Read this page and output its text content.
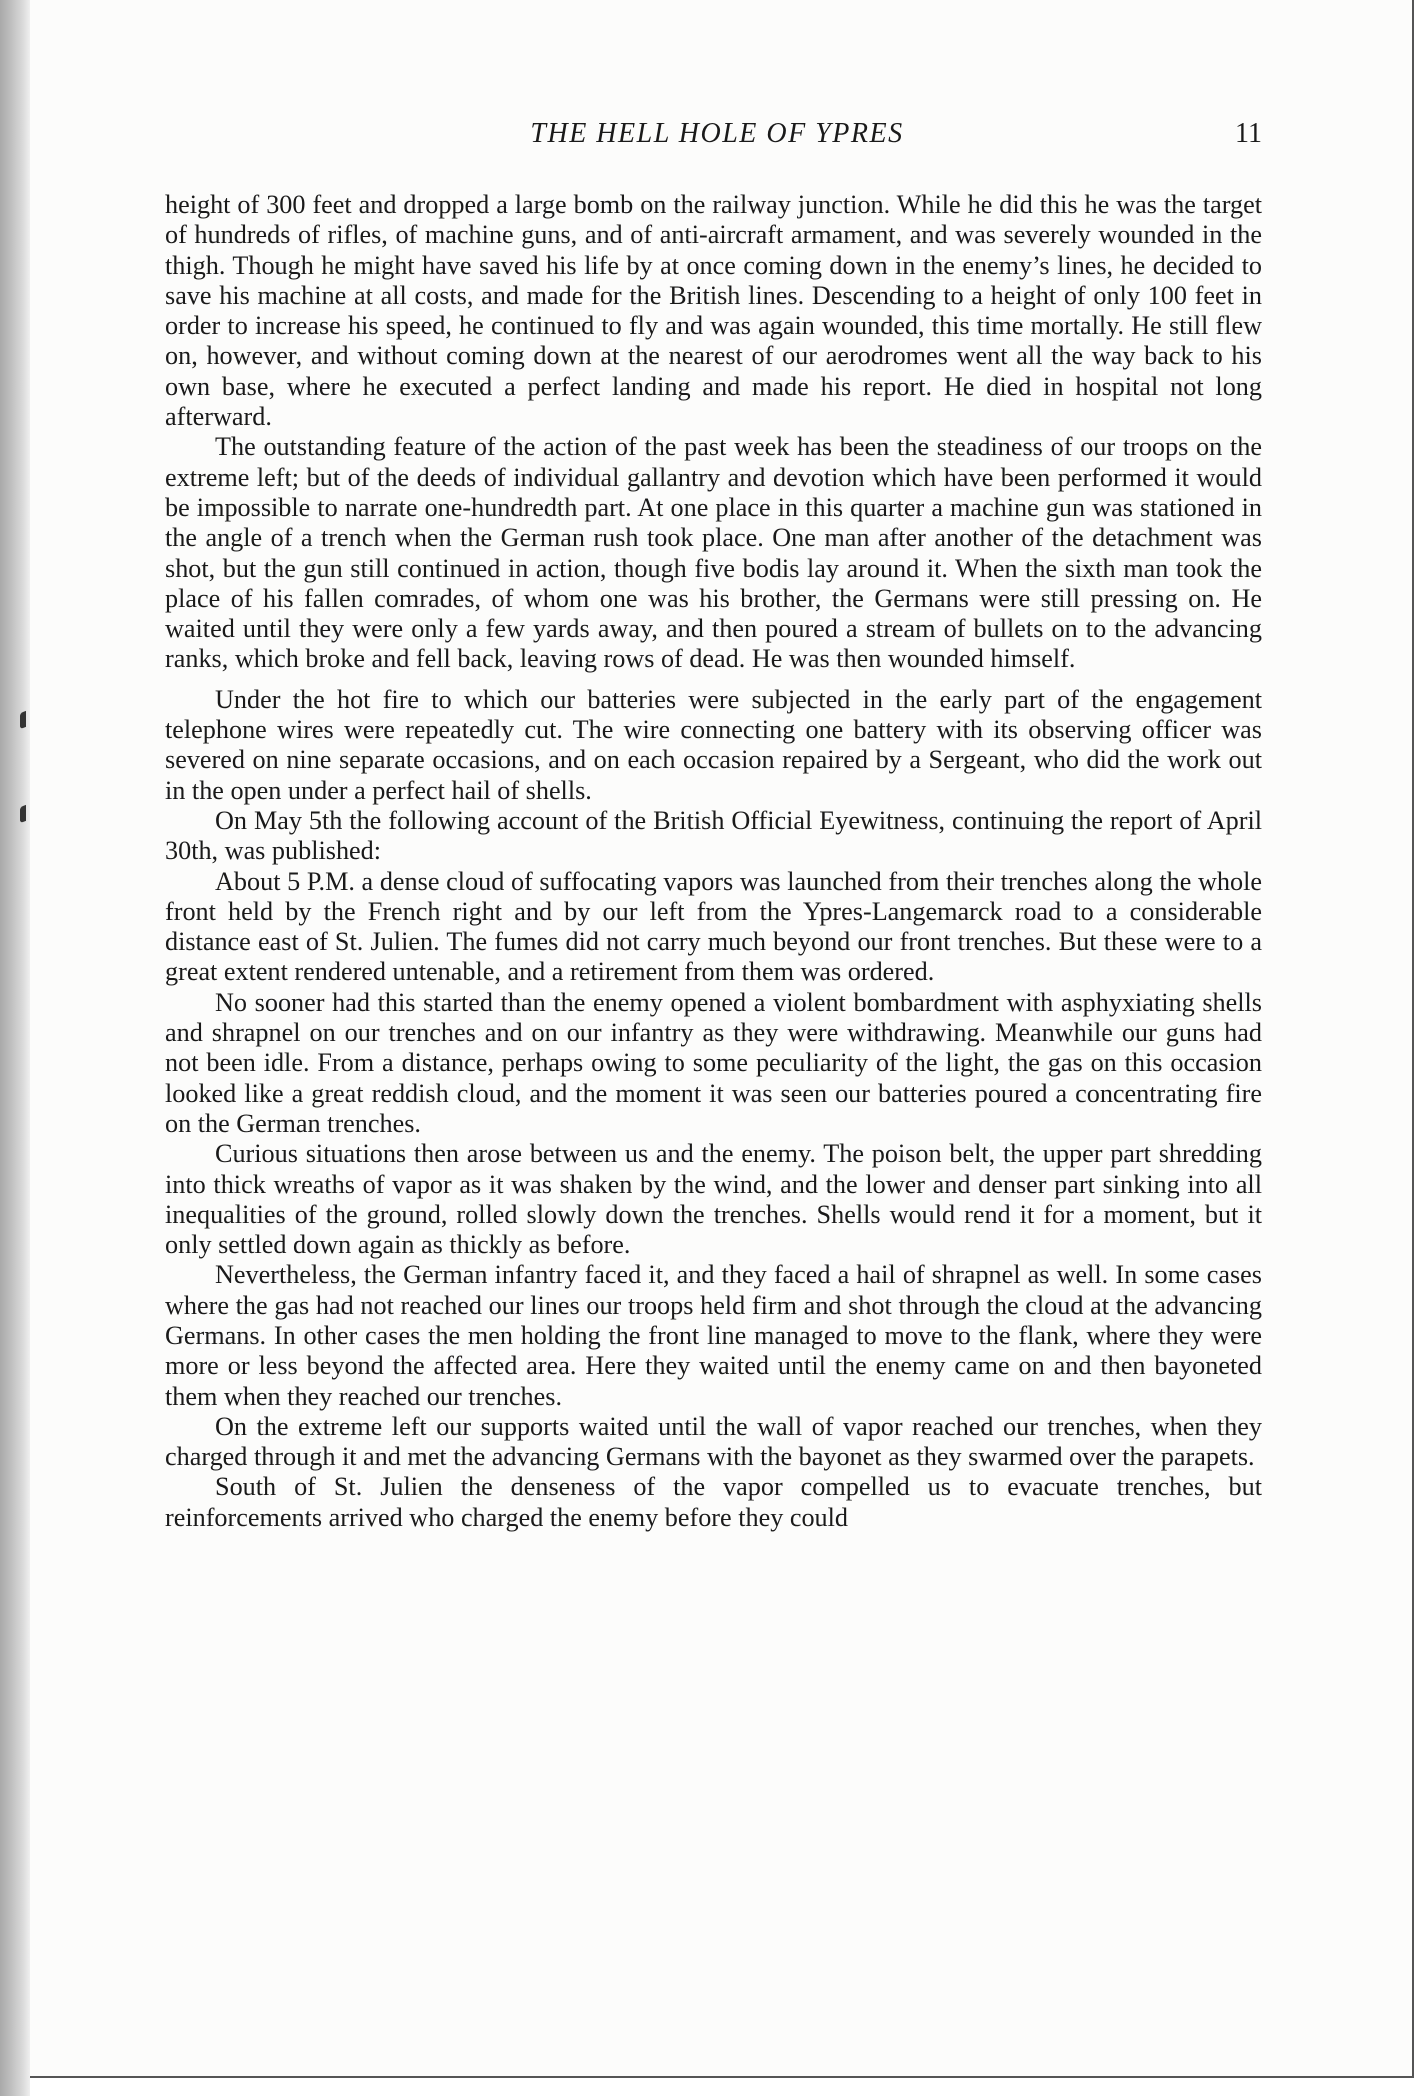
THE HELL HOLE OF YPRES	11

height of 300 feet and dropped a large bomb on the railway junction. While he did this he was the target of hundreds of rifles, of machine guns, and of anti-aircraft armament, and was severely wounded in the thigh. Though he might have saved his life by at once coming down in the enemy’s lines, he decided to save his machine at all costs, and made for the British lines. Descending to a height of only 100 feet in order to increase his speed, he continued to fly and was again wounded, this time mortally. He still flew on, however, and without coming down at the nearest of our aerodromes went all the way back to his own base, where he executed a perfect landing and made his report. He died in hospital not long afterward.

The outstanding feature of the action of the past week has been the steadiness of our troops on the extreme left; but of the deeds of individual gallantry and devotion which have been performed it would be impossible to narrate one-hundredth part. At one place in this quarter a machine gun was stationed in the angle of a trench when the German rush took place. One man after another of the detachment was shot, but the gun still continued in action, though five bodis lay around it. When the sixth man took the place of his fallen comrades, of whom one was his brother, the Germans were still pressing on. He waited until they were only a few yards away, and then poured a stream of bullets on to the advancing ranks, which broke and fell back, leaving rows of dead. He was then wounded himself.

Under the hot fire to which our batteries were subjected in the early part of the engagement telephone wires were repeatedly cut. The wire connecting one battery with its observing officer was severed on nine separate occasions, and on each occasion repaired by a Sergeant, who did the work out in the open under a perfect hail of shells.

On May 5th the following account of the British Official Eyewitness, continuing the report of April 30th, was published:

About 5 P.M. a dense cloud of suffocating vapors was launched from their trenches along the whole front held by the French right and by our left from the Ypres-Langemarck road to a considerable distance east of St. Julien. The fumes did not carry much beyond our front trenches. But these were to a great extent rendered untenable, and a retirement from them was ordered.

No sooner had this started than the enemy opened a violent bombardment with asphyxiating shells and shrapnel on our trenches and on our infantry as they were withdrawing. Meanwhile our guns had not been idle. From a distance, perhaps owing to some peculiarity of the light, the gas on this occasion looked like a great reddish cloud, and the moment it was seen our batteries poured a concentrating fire on the German trenches.

Curious situations then arose between us and the enemy. The poison belt, the upper part shredding into thick wreaths of vapor as it was shaken by the wind, and the lower and denser part sinking into all inequalities of the ground, rolled slowly down the trenches. Shells would rend it for a moment, but it only settled down again as thickly as before.

Nevertheless, the German infantry faced it, and they faced a hail of shrapnel as well. In some cases where the gas had not reached our lines our troops held firm and shot through the cloud at the advancing Germans. In other cases the men holding the front line managed to move to the flank, where they were more or less beyond the affected area. Here they waited until the enemy came on and then bayoneted them when they reached our trenches.

On the extreme left our supports waited until the wall of vapor reached our trenches, when they charged through it and met the advancing Germans with the bayonet as they swarmed over the parapets.

South of St. Julien the denseness of the vapor compelled us to evacuate trenches, but reinforcements arrived who charged the enemy before they could
